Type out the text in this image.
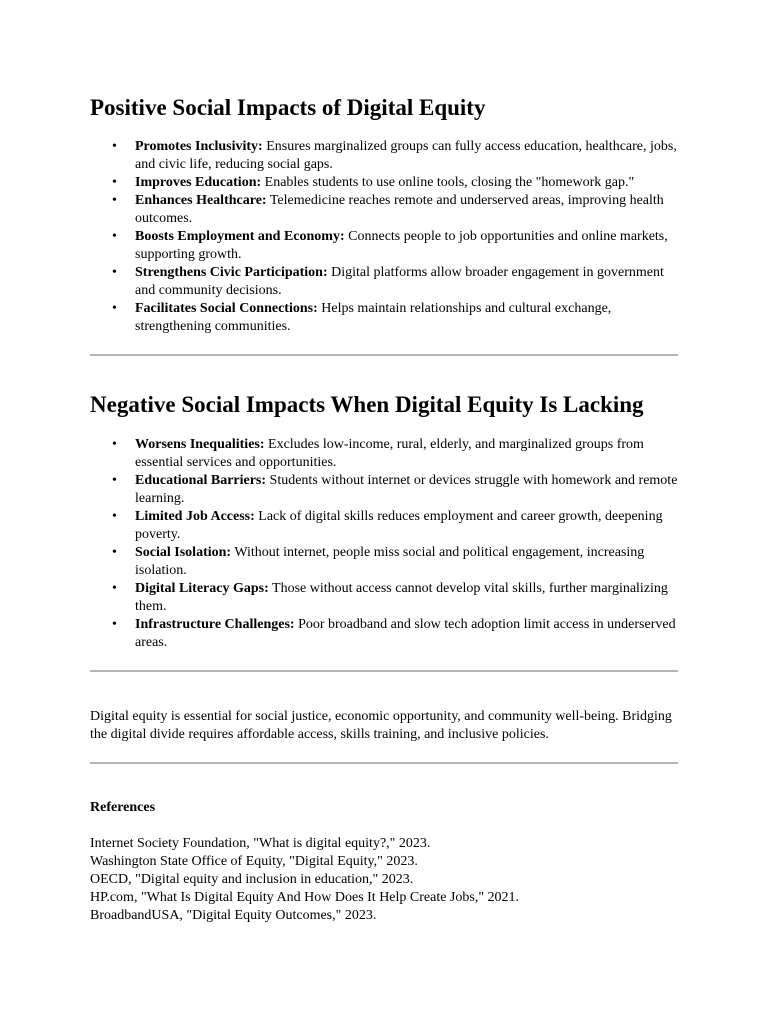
Positive Social Impacts of Digital Equity
• Promotes Inclusivity: Ensures marginalized groups can fully access education, healthcare, jobs, and civic life, reducing social gaps.
• Improves Education: Enables students to use online tools, closing the "homework gap."
• Enhances Healthcare: Telemedicine reaches remote and underserved areas, improving health outcomes.
• Boosts Employment and Economy: Connects people to job opportunities and online markets, supporting growth.
• Strengthens Civic Participation: Digital platforms allow broader engagement in government and community decisions.
• Facilitates Social Connections: Helps maintain relationships and cultural exchange, strengthening communities.
Negative Social Impacts When Digital Equity Is Lacking
• Worsens Inequalities: Excludes low-income, rural, elderly, and marginalized groups from essential services and opportunities.
• Educational Barriers: Students without internet or devices struggle with homework and remote learning.
• Limited Job Access: Lack of digital skills reduces employment and career growth, deepening poverty.
• Social Isolation: Without internet, people miss social and political engagement, increasing isolation.
• Digital Literacy Gaps: Those without access cannot develop vital skills, further marginalizing them.
• Infrastructure Challenges: Poor broadband and slow tech adoption limit access in underserved areas.

Digital equity is essential for social justice, economic opportunity, and community well-being. Bridging the digital divide requires affordable access, skills training, and inclusive policies.

References
Internet Society Foundation, "What is digital equity?," 2023.
Washington State Office of Equity, "Digital Equity," 2023.
OECD, "Digital equity and inclusion in education," 2023.
HP.com, "What Is Digital Equity And How Does It Help Create Jobs," 2021.
BroadbandUSA, "Digital Equity Outcomes," 2023.
